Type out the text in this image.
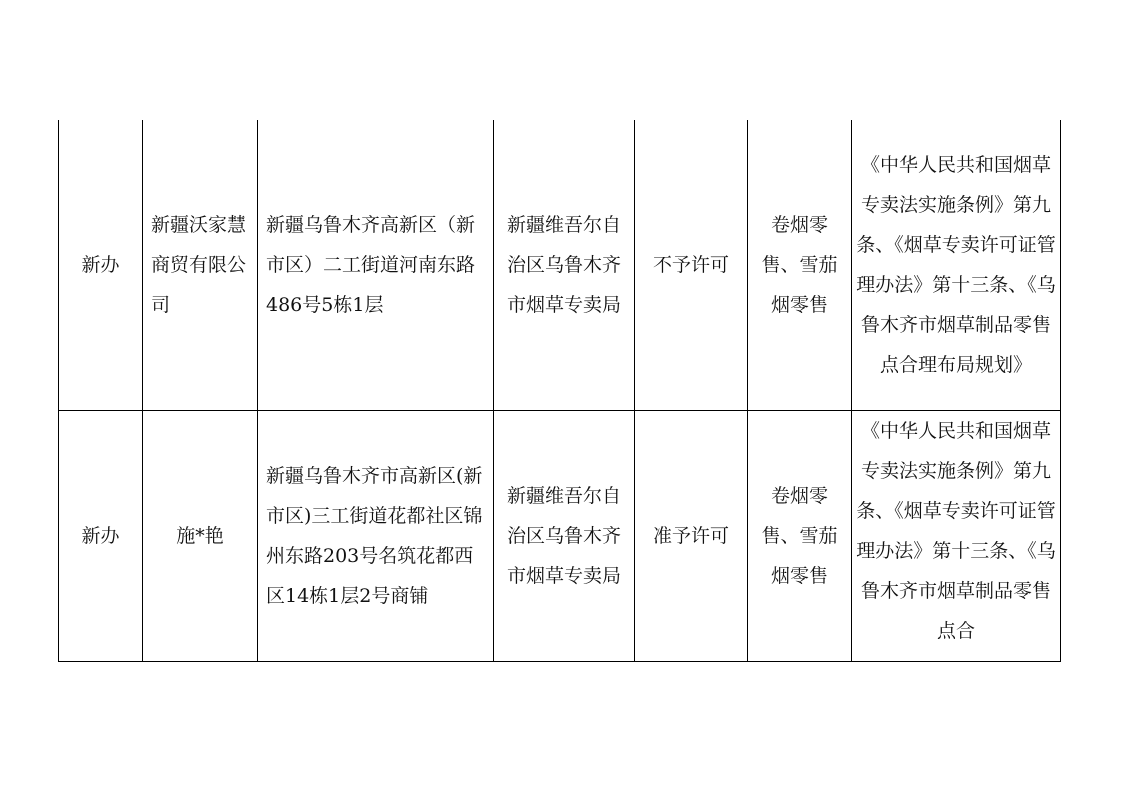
新办	新疆沃家慧商贸有限公司	新疆乌鲁木齐高新区（新市区）二工街道河南东路486号5栋1层	新疆维吾尔自治区乌鲁木齐市烟草专卖局	不予许可	卷烟零售、雪茄烟零售	《中华人民共和国烟草专卖法实施条例》第九条、《烟草专卖许可证管理办法》第十三条、《乌鲁木齐市烟草制品零售点合理布局规划》

新办	施*艳	新疆乌鲁木齐市高新区(新市区)三工街道花都社区锦州东路203号名筑花都西区14栋1层2号商铺	新疆维吾尔自治区乌鲁木齐市烟草专卖局	准予许可	卷烟零售、雪茄烟零售	《中华人民共和国烟草专卖法实施条例》第九条、《烟草专卖许可证管理办法》第十三条、《乌鲁木齐市烟草制品零售点合
